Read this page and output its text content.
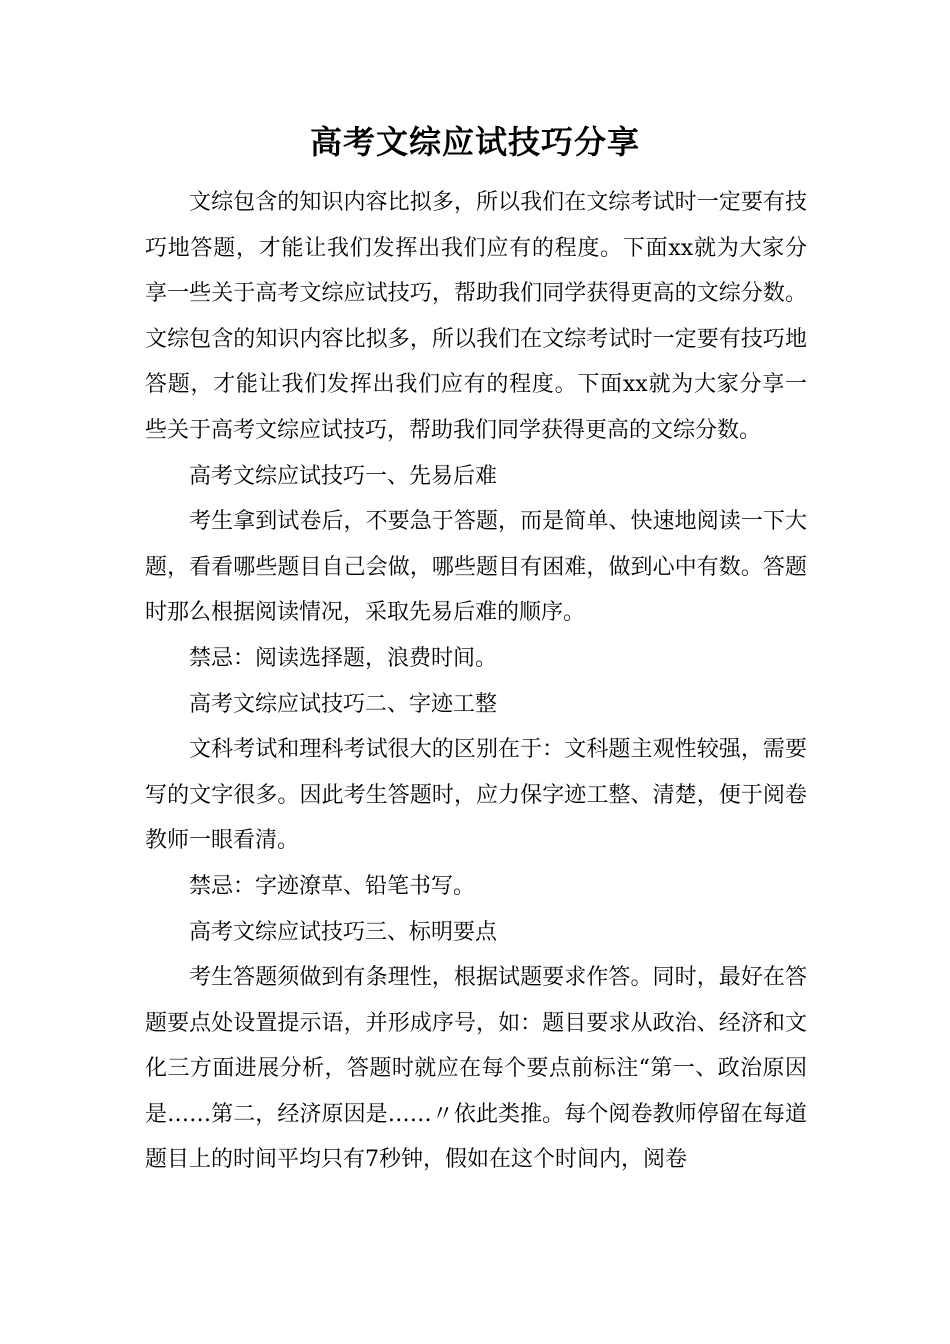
高考文综应试技巧分享

文综包含的知识内容比拟多，所以我们在文综考试时一定要有技巧地答题，才能让我们发挥出我们应有的程度。下面xx就为大家分享一些关于高考文综应试技巧，帮助我们同学获得更高的文综分数。文综包含的知识内容比拟多，所以我们在文综考试时一定要有技巧地答题，才能让我们发挥出我们应有的程度。下面xx就为大家分享一些关于高考文综应试技巧，帮助我们同学获得更高的文综分数。

高考文综应试技巧一、先易后难

考生拿到试卷后，不要急于答题，而是简单、快速地阅读一下大题，看看哪些题目自己会做，哪些题目有困难，做到心中有数。答题时那么根据阅读情况，采取先易后难的顺序。

禁忌：阅读选择题，浪费时间。

高考文综应试技巧二、字迹工整

文科考试和理科考试很大的区别在于：文科题主观性较强，需要写的文字很多。因此考生答题时，应力保字迹工整、清楚，便于阅卷教师一眼看清。

禁忌：字迹潦草、铅笔书写。

高考文综应试技巧三、标明要点

考生答题须做到有条理性，根据试题要求作答。同时，最好在答题要点处设置提示语，并形成序号，如：题目要求从政治、经济和文化三方面进展分析，答题时就应在每个要点前标注“第一、政治原因是……第二，经济原因是……〃依此类推。每个阅卷教师停留在每道题目上的时间平均只有7秒钟，假如在这个时间内，阅卷
